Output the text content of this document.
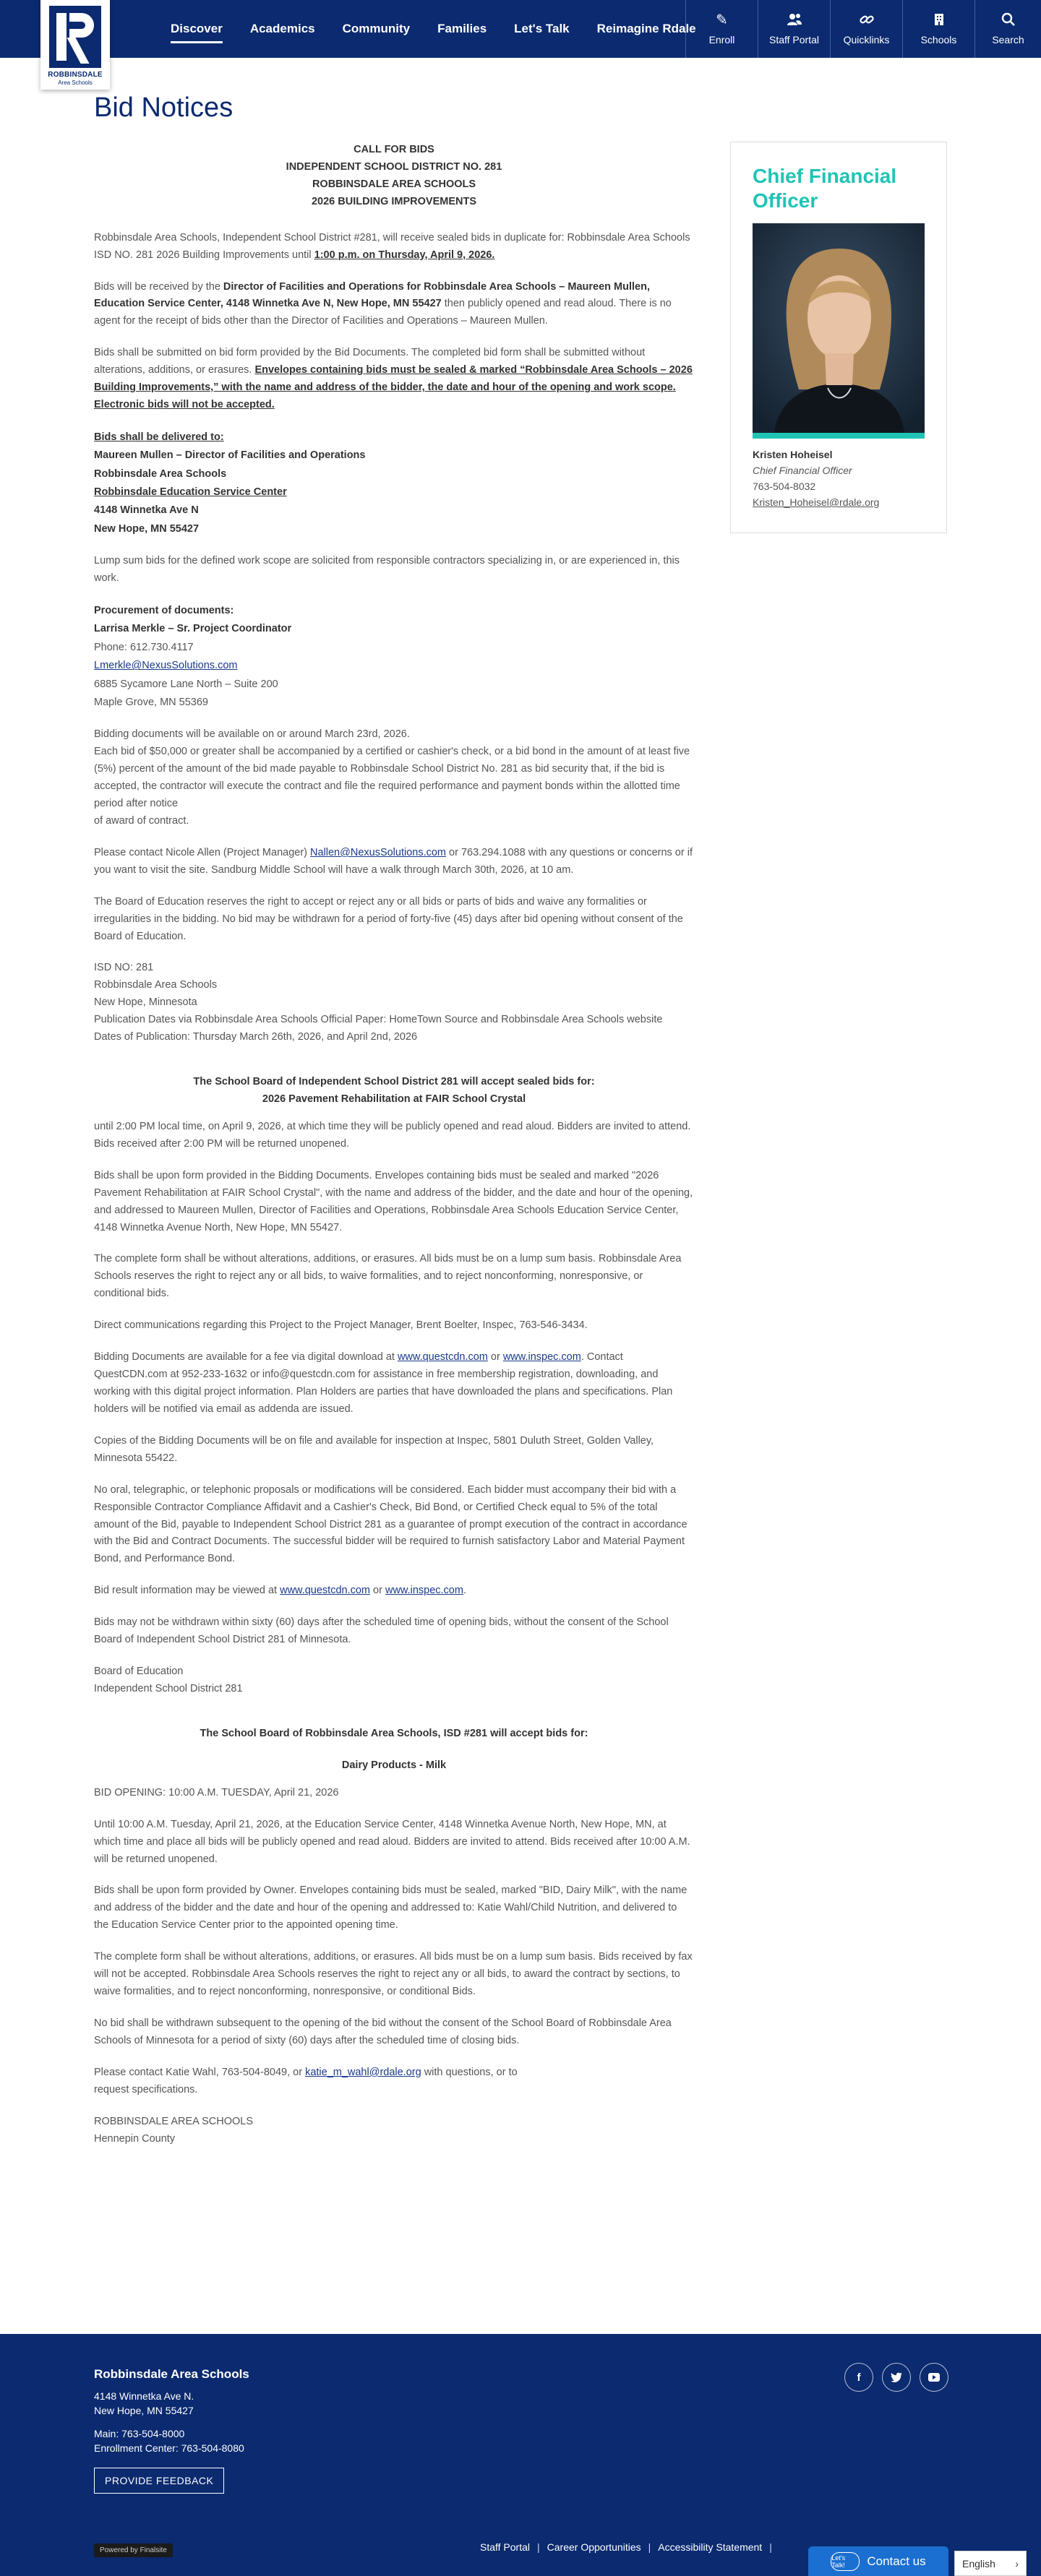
Discover	Academics	Community	Families	Let's Talk	Reimagine Rdale
✎
Enroll	Staff Portal Quicklinks	Schools	Search
ROBBINSDALE
Area Schools
Bid Notices
CALL FOR BIDS
INDEPENDENT SCHOOL DISTRICT NO. 281
ROBBINSDALE AREA SCHOOLS
2026 BUILDING IMPROVEMENTS

Robbinsdale Area Schools, Independent School District #281, will receive sealed bids in duplicate for: Robbinsdale Area Schools ISD NO. 281 2026 Building Improvements until 1:00 p.m. on Thursday, April 9, 2026.

Bids will be received by the Director of Facilities and Operations for Robbinsdale Area Schools – Maureen Mullen, Education Service Center, 4148 Winnetka Ave N, New Hope, MN 55427 then publicly opened and read aloud. There is no agent for the receipt of bids other than the Director of Facilities and Operations – Maureen Mullen.

Bids shall be submitted on bid form provided by the Bid Documents. The completed bid form shall be submitted without alterations, additions, or erasures. Envelopes containing bids must be sealed & marked “Robbinsdale Area Schools – 2026 Building Improvements,” with the name and address of the bidder, the date and hour of the opening and work scope. Electronic bids will not be accepted.

Bids shall be delivered to:
Maureen Mullen – Director of Facilities and Operations
Robbinsdale Area Schools
Robbinsdale Education Service Center
4148 Winnetka Ave N
New Hope, MN 55427

Lump sum bids for the defined work scope are solicited from responsible contractors specializing in, or are experienced in, this work.

Procurement of documents:
Larrisa Merkle – Sr. Project Coordinator
Phone: 612.730.4117
Lmerkle@NexusSolutions.com
6885 Sycamore Lane North – Suite 200
Maple Grove, MN 55369

Bidding documents will be available on or around March 23rd, 2026.
Each bid of $50,000 or greater shall be accompanied by a certified or cashier's check, or a bid bond in the amount of at least five (5%) percent of the amount of the bid made payable to Robbinsdale School District No. 281 as bid security that, if the bid is accepted, the contractor will execute the contract and file the required performance and payment bonds within the allotted time period after notice
of award of contract.

Please contact Nicole Allen (Project Manager) Nallen@NexusSolutions.com or 763.294.1088 with any questions or concerns or if you want to visit the site. Sandburg Middle School will have a walk through March 30th, 2026, at 10 am.

The Board of Education reserves the right to accept or reject any or all bids or parts of bids and waive any formalities or irregularities in the bidding. No bid may be withdrawn for a period of forty-five (45) days after bid opening without consent of the Board of Education.

ISD NO: 281
Robbinsdale Area Schools
New Hope, Minnesota
Publication Dates via Robbinsdale Area Schools Official Paper: HomeTown Source and Robbinsdale Area Schools website
Dates of Publication: Thursday March 26th, 2026, and April 2nd, 2026

The School Board of Independent School District 281 will accept sealed bids for:
2026 Pavement Rehabilitation at FAIR School Crystal

until 2:00 PM local time, on April 9, 2026, at which time they will be publicly opened and read aloud. Bidders are invited to attend. Bids received after 2:00 PM will be returned unopened.

Bids shall be upon form provided in the Bidding Documents. Envelopes containing bids must be sealed and marked "2026 Pavement Rehabilitation at FAIR School Crystal", with the name and address of the bidder, and the date and hour of the opening, and addressed to Maureen Mullen, Director of Facilities and Operations, Robbinsdale Area Schools Education Service Center, 4148 Winnetka Avenue North, New Hope, MN 55427.

The complete form shall be without alterations, additions, or erasures. All bids must be on a lump sum basis. Robbinsdale Area Schools reserves the right to reject any or all bids, to waive formalities, and to reject nonconforming, nonresponsive, or conditional bids.

Direct communications regarding this Project to the Project Manager, Brent Boelter, Inspec, 763-546-3434.

Bidding Documents are available for a fee via digital download at www.questcdn.com or www.inspec.com. Contact QuestCDN.com at 952-233-1632 or info@questcdn.com for assistance in free membership registration, downloading, and working with this digital project information. Plan Holders are parties that have downloaded the plans and specifications. Plan holders will be notified via email as addenda are issued.

Copies of the Bidding Documents will be on file and available for inspection at Inspec, 5801 Duluth Street, Golden Valley, Minnesota 55422.

No oral, telegraphic, or telephonic proposals or modifications will be considered. Each bidder must accompany their bid with a Responsible Contractor Compliance Affidavit and a Cashier's Check, Bid Bond, or Certified Check equal to 5% of the total amount of the Bid, payable to Independent School District 281 as a guarantee of prompt execution of the contract in accordance with the Bid and Contract Documents. The successful bidder will be required to furnish satisfactory Labor and Material Payment Bond, and Performance Bond.

Bid result information may be viewed at www.questcdn.com or www.inspec.com.

Bids may not be withdrawn within sixty (60) days after the scheduled time of opening bids, without the consent of the School Board of Independent School District 281 of Minnesota.

Board of Education
Independent School District 281

The School Board of Robbinsdale Area Schools, ISD #281 will accept bids for:
Dairy Products - Milk

BID OPENING: 10:00 A.M. TUESDAY, April 21, 2026

Until 10:00 A.M. Tuesday, April 21, 2026, at the Education Service Center, 4148 Winnetka Avenue North, New Hope, MN, at which time and place all bids will be publicly opened and read aloud. Bidders are invited to attend. Bids received after 10:00 A.M. will be returned unopened.

Bids shall be upon form provided by Owner. Envelopes containing bids must be sealed, marked "BID, Dairy Milk", with the name and address of the bidder and the date and hour of the opening and addressed to: Katie Wahl/Child Nutrition, and delivered to the Education Service Center prior to the appointed opening time.

The complete form shall be without alterations, additions, or erasures. All bids must be on a lump sum basis. Bids received by fax will not be accepted. Robbinsdale Area Schools reserves the right to reject any or all bids, to award the contract by sections, to waive formalities, and to reject nonconforming, nonresponsive, or conditional Bids.

No bid shall be withdrawn subsequent to the opening of the bid without the consent of the School Board of Robbinsdale Area Schools of Minnesota for a period of sixty (60) days after the scheduled time of closing bids.

Please contact Katie Wahl, 763-504-8049, or katie_m_wahl@rdale.org with questions, or to
request specifications.

ROBBINSDALE AREA SCHOOLS
Hennepin County

Chief Financial Officer
Kristen Hoheisel
Chief Financial Officer
763-504-8032
Kristen_Hoheisel@rdale.org
Robbinsdale Area Schools
4148 Winnetka Ave N.
New Hope, MN 55427
Main: 763-504-8000
Enrollment Center: 763-504-8080
PROVIDE FEEDBACK
f
Powered by Finalsite	Staff Portal | Career Opportunities | Accessibility Statement |
Let's Talk!	Contact us	English ›
